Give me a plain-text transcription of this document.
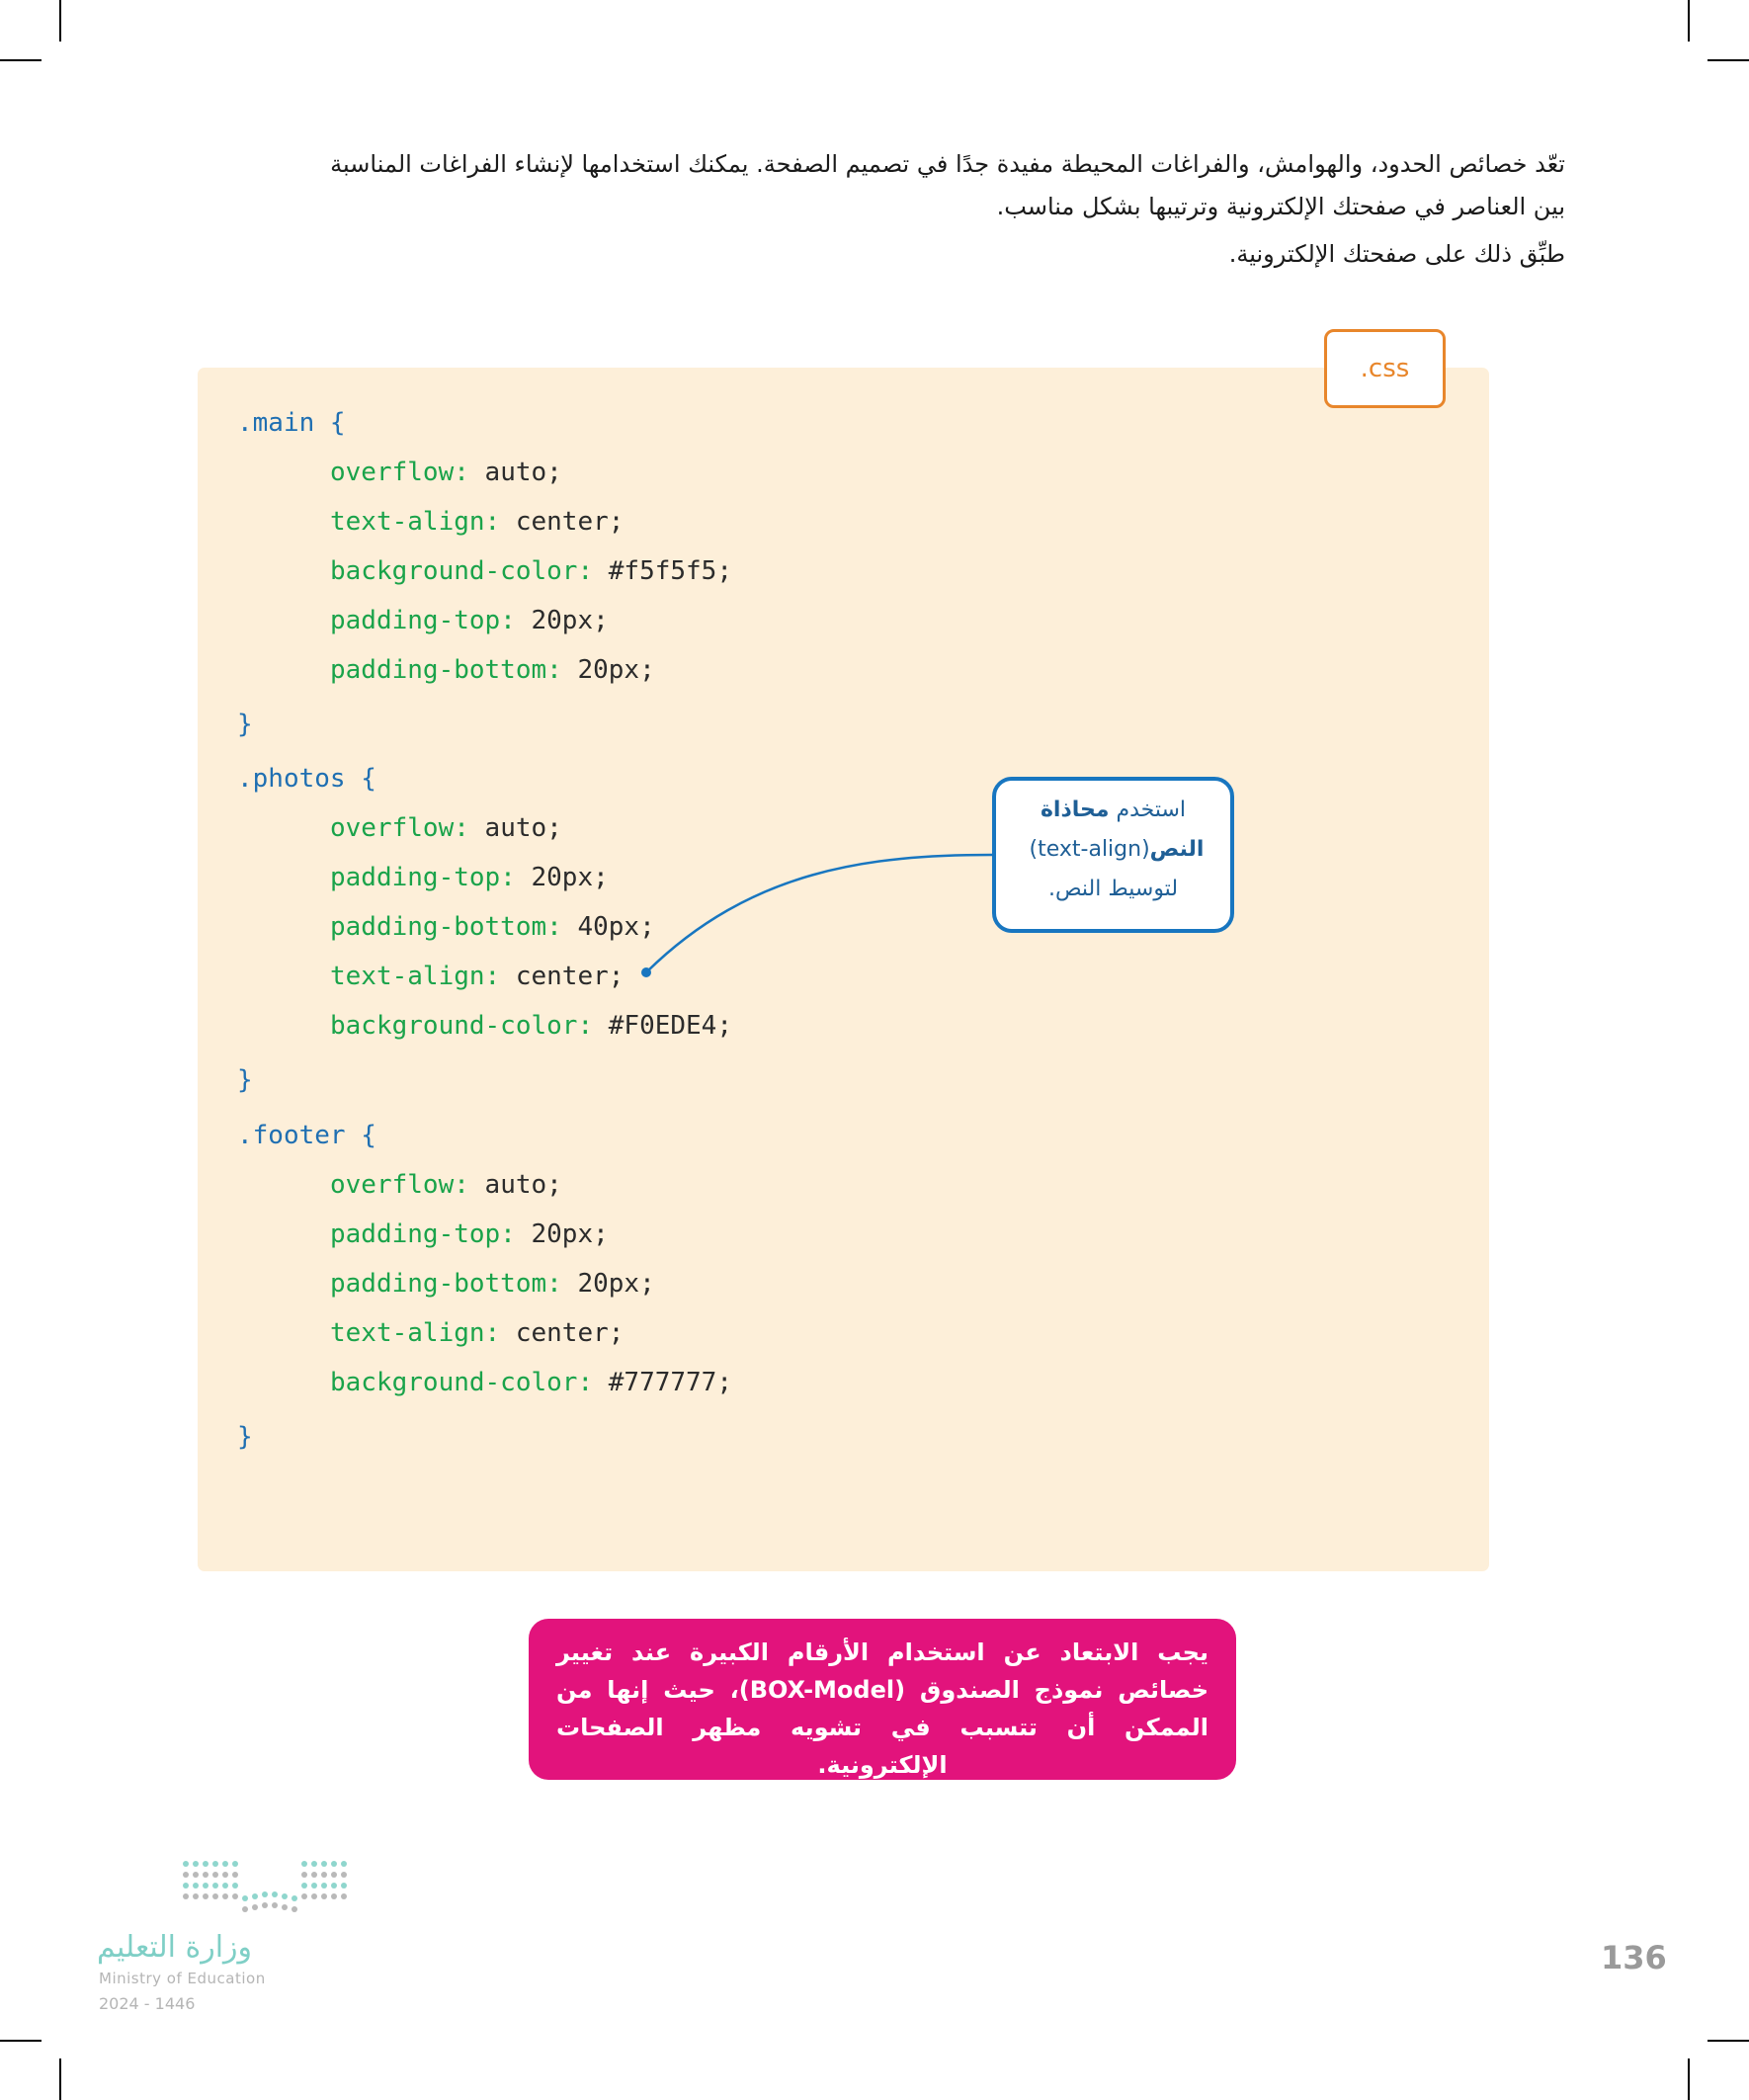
تعّد خصائص الحدود، والهوامش، والفراغات المحيطة مفيدة جدًا في تصميم الصفحة. يمكنك استخدامها لإنشاء الفراغات المناسبة

بين العناصر في صفحتك الإلكترونية وترتيبها بشكل مناسب.

طبِّق ذلك على صفحتك الإلكترونية.

.css
.main {
overflow: auto;
text-align: center;
background-color: #f5f5f5;
padding-top: 20px;
padding-bottom: 20px;
}
.photos {
overflow: auto;
padding-top: 20px;
padding-bottom: 40px;
text-align: center;
background-color: #F0EDE4;
}
.footer {
overflow: auto;
padding-top: 20px;
padding-bottom: 20px;
text-align: center;
background-color: #777777;
}

استخدم محاذاة

النص (text-align)

لتوسيط النص.

يجب الابتعاد عن استخدام الأرقام الكبيرة عند تغيير خصائص نموذج الصندوق (BOX-Model)، حيث إنها من الممكن أن تتسبب في تشويه مظهر الصفحات الإلكترونية.
136
وزارة التعليم
Ministry of Education
2024 - 1446
